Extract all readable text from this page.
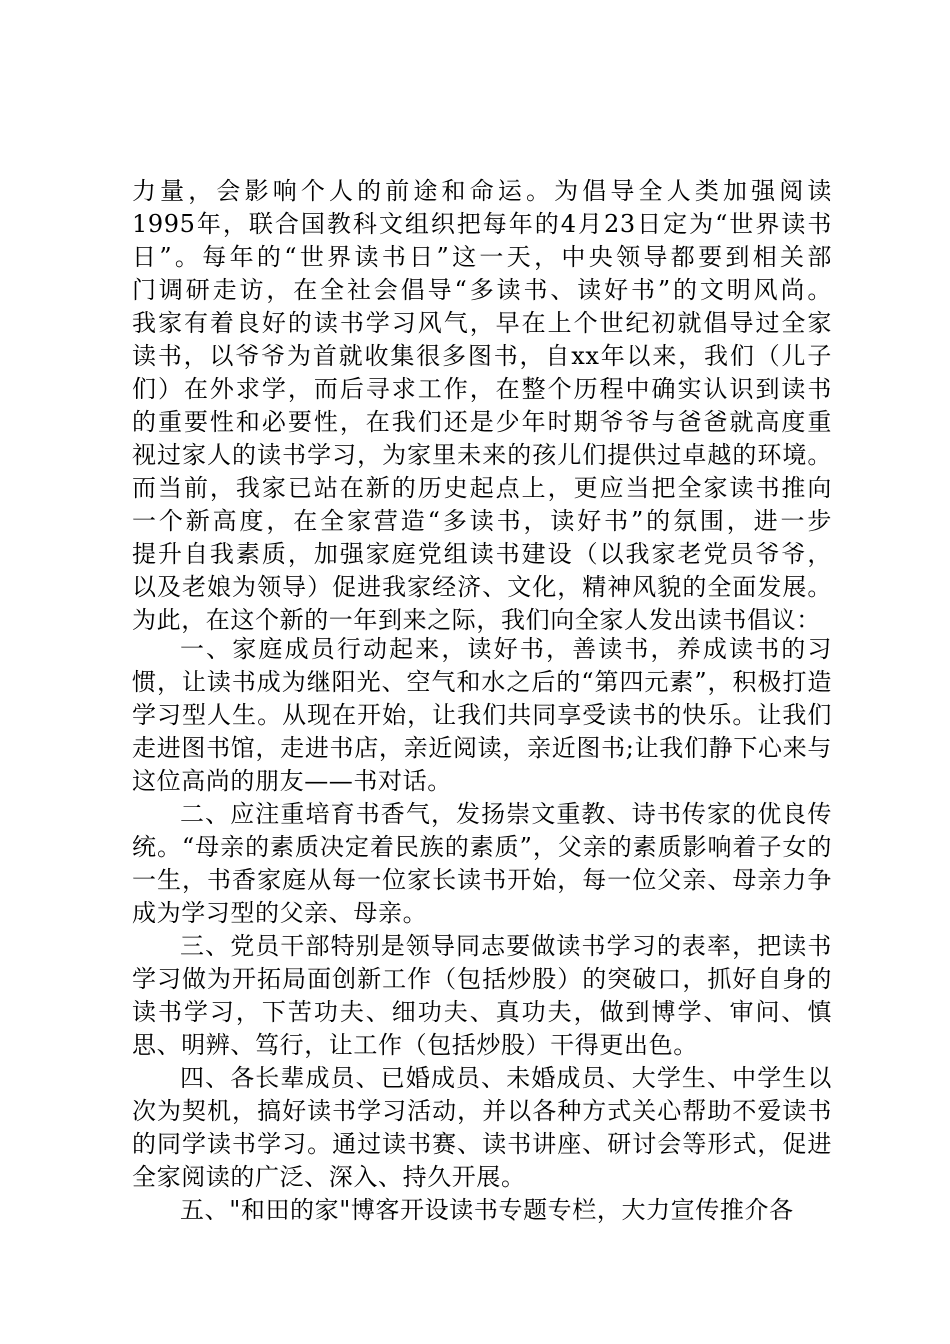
力量，会影响个人的前途和命运。为倡导全人类加强阅读
1995年，联合国教科文组织把每年的4月23日定为“世界读书
日”。每年的“世界读书日”这一天，中央领导都要到相关部
门调研走访，在全社会倡导“多读书、读好书”的文明风尚。
我家有着良好的读书学习风气，早在上个世纪初就倡导过全家
读书，以爷爷为首就收集很多图书，自xx年以来，我们（儿子
们）在外求学，而后寻求工作，在整个历程中确实认识到读书
的重要性和必要性，在我们还是少年时期爷爷与爸爸就高度重
视过家人的读书学习，为家里未来的孩儿们提供过卓越的环境。
而当前，我家已站在新的历史起点上，更应当把全家读书推向
一个新高度，在全家营造“多读书，读好书”的氛围，进一步
提升自我素质，加强家庭党组读书建设（以我家老党员爷爷，
以及老娘为领导）促进我家经济、文化，精神风貌的全面发展。
为此，在这个新的一年到来之际，我们向全家人发出读书倡议：

一、家庭成员行动起来，读好书，善读书，养成读书的习惯，让读书成为继阳光、空气和水之后的“第四元素”，积极打造学习型人生。从现在开始，让我们共同享受读书的快乐。让我们走进图书馆，走进书店，亲近阅读，亲近图书;让我们静下心来与这位高尚的朋友——书对话。

二、应注重培育书香气，发扬崇文重教、诗书传家的优良传统。“母亲的素质决定着民族的素质”，父亲的素质影响着子女的一生，书香家庭从每一位家长读书开始，每一位父亲、母亲力争成为学习型的父亲、母亲。

三、党员干部特别是领导同志要做读书学习的表率，把读书学习做为开拓局面创新工作（包括炒股）的突破口，抓好自身的读书学习，下苦功夫、细功夫、真功夫，做到博学、审问、慎思、明辨、笃行，让工作（包括炒股）干得更出色。

四、各长辈成员、已婚成员、未婚成员、大学生、中学生以次为契机，搞好读书学习活动，并以各种方式关心帮助不爱读书的同学读书学习。通过读书赛、读书讲座、研讨会等形式，促进全家阅读的广泛、深入、持久开展。

五、"和田的家"博客开设读书专题专栏，大力宣传推介各
